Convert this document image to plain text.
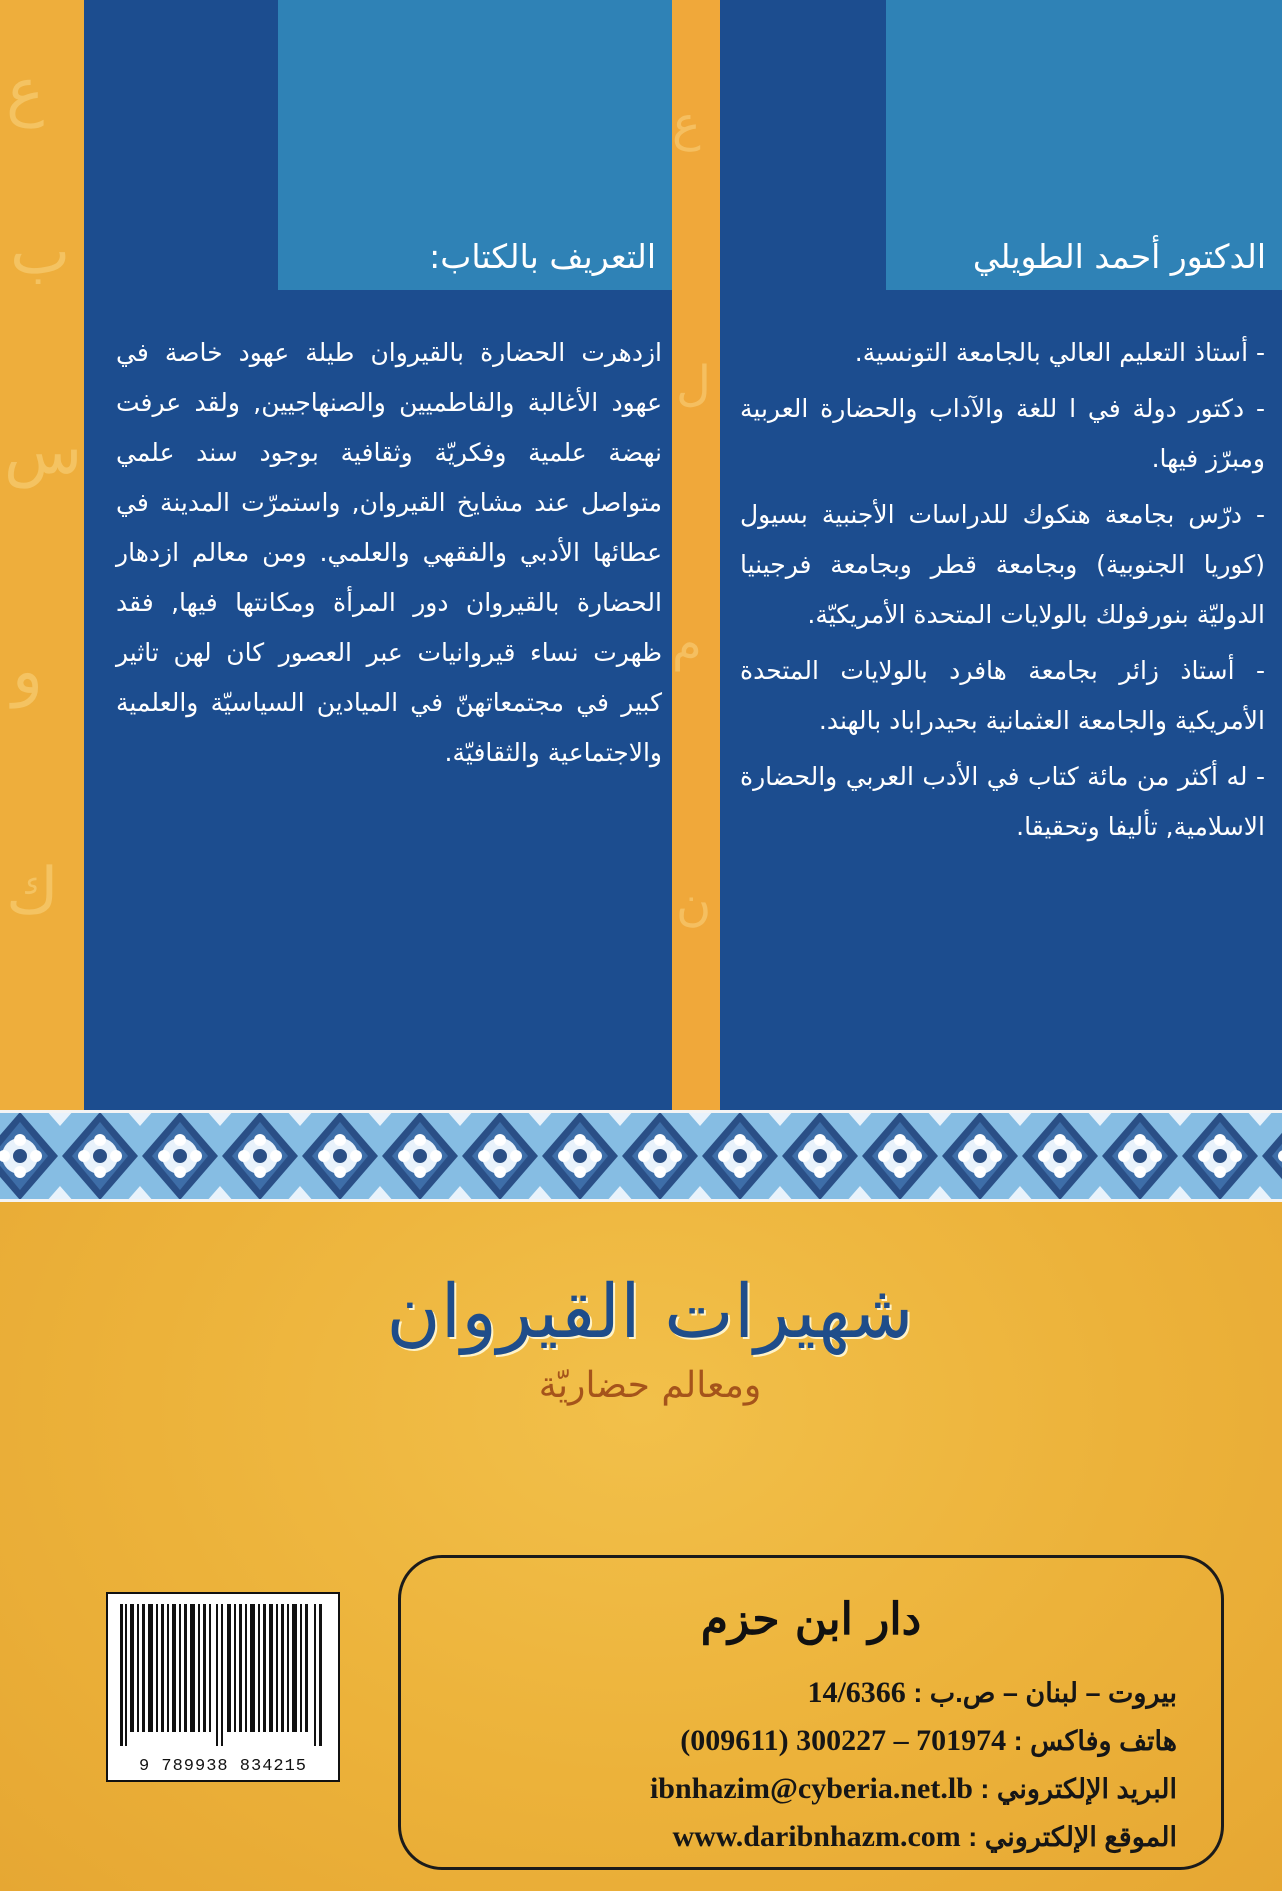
ع
ب
س
و
ك
ع
ل
م
ن
التعريف بالكتاب:
ازدهرت الحضارة بالقيروان طيلة عهود خاصة في عهود الأغالبة والفاطميين والصنهاجيين, ولقد عرفت نهضة علمية وفكريّة وثقافية بوجود سند علمي متواصل عند مشايخ القيروان, واستمرّت المدينة في عطائها الأدبي والفقهي والعلمي. ومن معالم ازدهار الحضارة بالقيروان دور المرأة ومكانتها فيها, فقد ظهرت نساء قيروانيات عبر العصور كان لهن تاثير كبير في مجتمعاتهنّ في الميادين السياسيّة والعلمية والاجتماعية والثقافيّة.
الدكتور أحمد الطويلي
- أستاذ التعليم العالي بالجامعة التونسية.
- دكتور دولة في ا للغة والآداب والحضارة العربية ومبرّز فيها.
- درّس بجامعة هنكوك للدراسات الأجنبية بسيول (كوريا الجنوبية) وبجامعة قطر وبجامعة فرجينيا الدوليّة بنورفولك بالولايات المتحدة الأمريكيّة.
- أستاذ زائر بجامعة هافرد بالولايات المتحدة الأمريكية والجامعة العثمانية بحيدراباد بالهند.
- له أكثر من مائة كتاب في الأدب العربي والحضارة الاسلامية, تأليفا وتحقيقا.
شهيرات القيروان
ومعالم حضاريّة
9 789938 834215
دار ابن حزم
بيروت – لبنان – ص.ب : 14/6366
هاتف وفاكس : (009611) 300227 – 701974
البريد الإلكتروني : ibnhazim@cyberia.net.lb
الموقع الإلكتروني : www.daribnhazm.com
